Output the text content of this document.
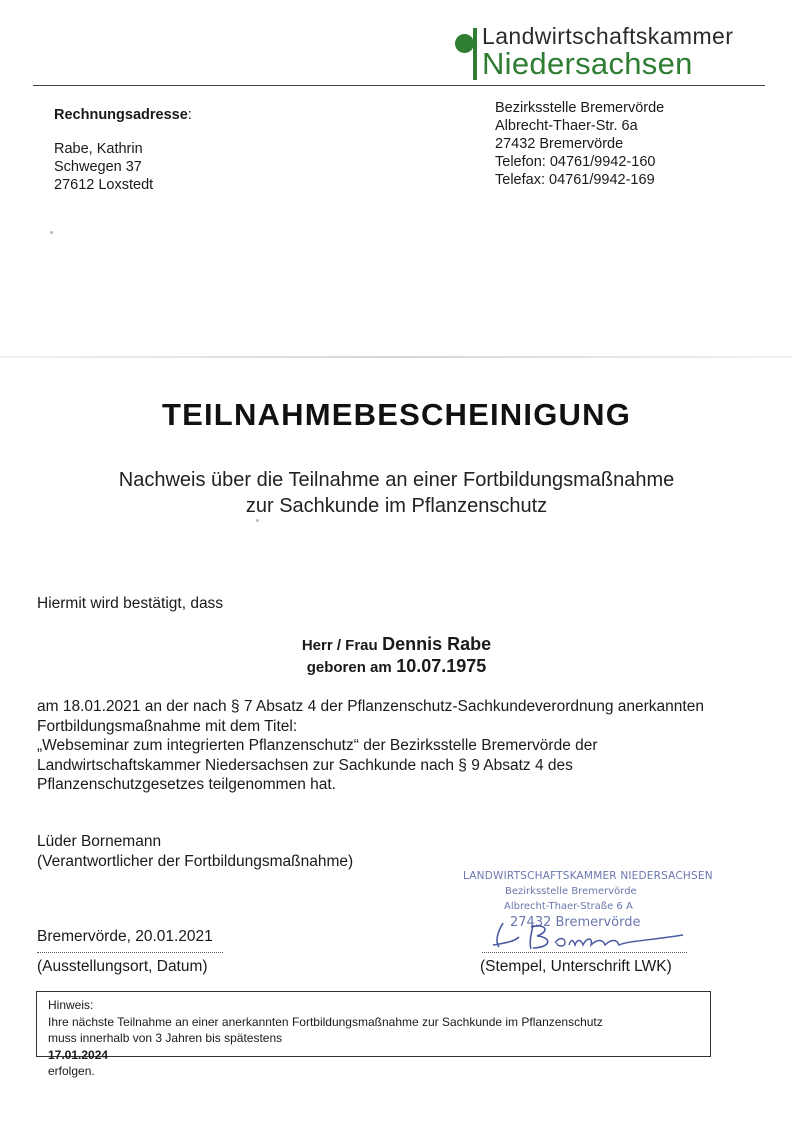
Landwirtschaftskammer
Niedersachsen
Rechnungsadresse:
Rabe, Kathrin
Schwegen 37
27612 Loxstedt
Bezirksstelle Bremervörde
Albrecht-Thaer-Str. 6a
27432 Bremervörde
Telefon: 04761/9942-160
Telefax: 04761/9942-169
TEILNAHMEBESCHEINIGUNG
Nachweis über die Teilnahme an einer Fortbildungsmaßnahme
zur Sachkunde im Pflanzenschutz
Hiermit wird bestätigt, dass
Herr / Frau Dennis Rabe
geboren am 10.07.1975
am 18.01.2021 an der nach § 7 Absatz 4 der Pflanzenschutz-Sachkundeverordnung anerkannten
Fortbildungsmaßnahme mit dem Titel:
„Webseminar zum integrierten Pflanzenschutz“ der Bezirksstelle Bremervörde der
Landwirtschaftskammer Niedersachsen zur Sachkunde nach § 9 Absatz 4 des
Pflanzenschutzgesetzes teilgenommen hat.
Lüder Bornemann
(Verantwortlicher der Fortbildungsmaßnahme)
Bremervörde, 20.01.2021
(Ausstellungsort, Datum)
LANDWIRTSCHAFTSKAMMER NIEDERSACHSEN
Bezirksstelle Bremervörde
Albrecht-Thaer-Straße 6 A
27432 Bremervörde
(Stempel, Unterschrift LWK)
Hinweis:
Ihre nächste Teilnahme an einer anerkannten Fortbildungsmaßnahme zur Sachkunde im Pflanzenschutz
muss innerhalb von 3 Jahren bis spätestens
17.01.2024
erfolgen.
